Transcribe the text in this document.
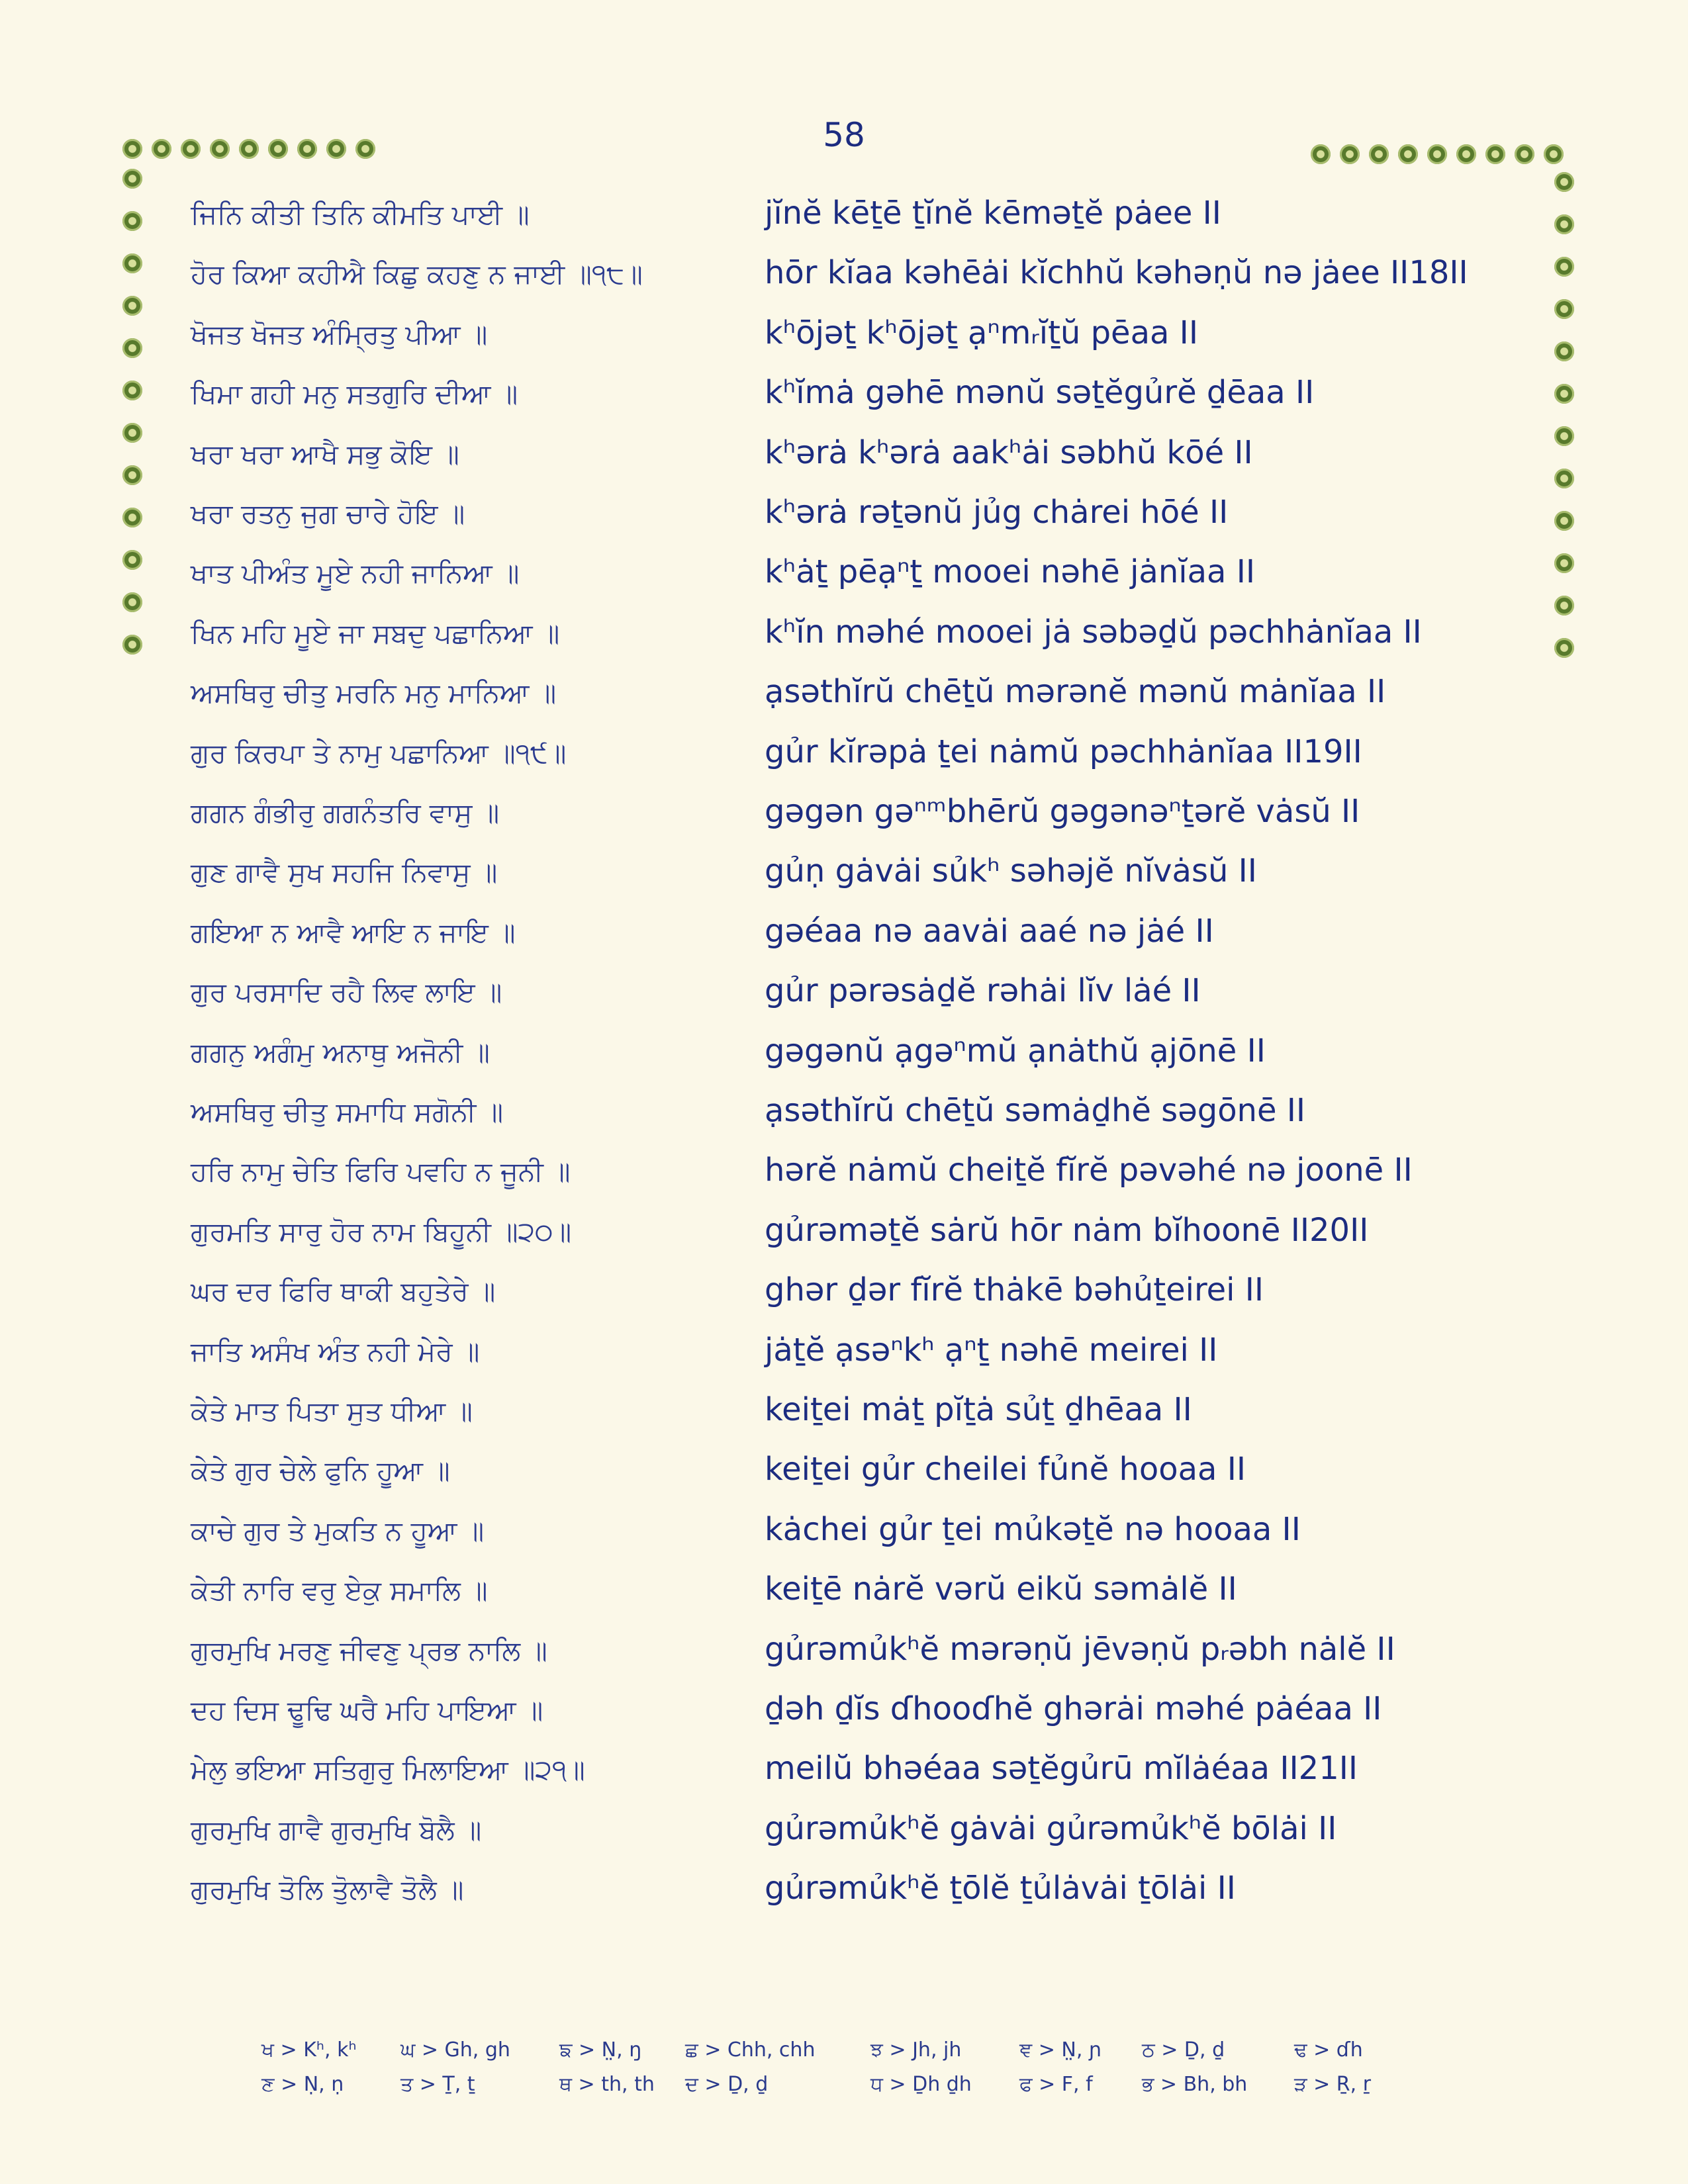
58
ਜਿਨਿ ਕੀਤੀ ਤਿਨਿ ਕੀਮਤਿ ਪਾਈ ॥	jĭnĕ kēṯē ṯĭnĕ kēməṯĕ pȧee II
ਹੋਰ ਕਿਆ ਕਹੀਐ ਕਿਛੁ ਕਹਣੁ ਨ ਜਾਈ ॥੧੮॥	hōr kĭaa kəhēȧi kĭchhŭ kəhəṇŭ nə jȧee II18II
ਖੋਜਤ ਖੋਜਤ ਅੰਮ੍ਰਿਤੁ ਪੀਆ ॥	kʰōjəṯ kʰōjəṯ ạⁿmᵣĭṯŭ pēaa II
ਖਿਮਾ ਗਹੀ ਮਨੁ ਸਤਗੁਰਿ ਦੀਆ ॥	kʰĭmȧ gəhē mənŭ səṯĕgủrĕ ḏēaa II
ਖਰਾ ਖਰਾ ਆਖੈ ਸਭੁ ਕੋਇ ॥	kʰərȧ kʰərȧ aakʰȧi səbhŭ kōé II
ਖਰਾ ਰਤਨੁ ਜੁਗ ਚਾਰੇ ਹੋਇ ॥	kʰərȧ rəṯənŭ jủg chȧrei hōé II
ਖਾਤ ਪੀਅੰਤ ਮੂਏ ਨਹੀ ਜਾਨਿਆ ॥	kʰȧṯ pēạⁿṯ mooei nəhē jȧnĭaa II
ਖਿਨ ਮਹਿ ਮੂਏ ਜਾ ਸਬਦੁ ਪਛਾਨਿਆ ॥	kʰĭn məhé mooei jȧ səbəḏŭ pəchhȧnĭaa II
ਅਸਥਿਰੁ ਚੀਤੁ ਮਰਨਿ ਮਨੁ ਮਾਨਿਆ ॥	ạsəthĭrŭ chēṯŭ mərənĕ mənŭ mȧnĭaa II
ਗੁਰ ਕਿਰਪਾ ਤੇ ਨਾਮੁ ਪਛਾਨਿਆ ॥੧੯॥	gủr kĭrəpȧ ṯei nȧmŭ pəchhȧnĭaa II19II
ਗਗਨ ਗੰਭੀਰੁ ਗਗਨੰਤਰਿ ਵਾਸੁ ॥	gəgən gəⁿᵐbhērŭ gəgənəⁿṯərĕ vȧsŭ II
ਗੁਣ ਗਾਵੈ ਸੁਖ ਸਹਜਿ ਨਿਵਾਸੁ ॥	gủṇ gȧvȧi sủkʰ səhəjĕ nĭvȧsŭ II
ਗਇਆ ਨ ਆਵੈ ਆਇ ਨ ਜਾਇ ॥	gəéaa nə aavȧi aaé nə jȧé II
ਗੁਰ ਪਰਸਾਦਿ ਰਹੈ ਲਿਵ ਲਾਇ ॥	gủr pərəsȧḏĕ rəhȧi lĭv lȧé II
ਗਗਨੁ ਅਗੰਮੁ ਅਨਾਥੁ ਅਜੋਨੀ ॥	gəgənŭ ạgəⁿmŭ ạnȧthŭ ạjōnē II
ਅਸਥਿਰੁ ਚੀਤੁ ਸਮਾਧਿ ਸਗੋਨੀ ॥	ạsəthĭrŭ chēṯŭ səmȧḏhĕ səgōnē II
ਹਰਿ ਨਾਮੁ ਚੇਤਿ ਫਿਰਿ ਪਵਹਿ ਨ ਜੂਨੀ ॥	hərĕ nȧmŭ cheiṯĕ fĭrĕ pəvəhé nə joonē II
ਗੁਰਮਤਿ ਸਾਰੁ ਹੋਰ ਨਾਮ ਬਿਹੂਨੀ ॥੨੦॥	gủrəməṯĕ sȧrŭ hōr nȧm bĭhoonē II20II
ਘਰ ਦਰ ਫਿਰਿ ਥਾਕੀ ਬਹੁਤੇਰੇ ॥	ghər ḏər fĭrĕ thȧkē bəhủṯeirei II
ਜਾਤਿ ਅਸੰਖ ਅੰਤ ਨਹੀ ਮੇਰੇ ॥	jȧṯĕ ạsəⁿkʰ ạⁿṯ nəhē meirei II
ਕੇਤੇ ਮਾਤ ਪਿਤਾ ਸੁਤ ਧੀਆ ॥	keiṯei mȧṯ pĭṯȧ sủṯ ḏhēaa II
ਕੇਤੇ ਗੁਰ ਚੇਲੇ ਫੁਨਿ ਹੂਆ ॥	keiṯei gủr cheilei fủnĕ hooaa II
ਕਾਚੇ ਗੁਰ ਤੇ ਮੁਕਤਿ ਨ ਹੂਆ ॥	kȧchei gủr ṯei mủkəṯĕ nə hooaa II
ਕੇਤੀ ਨਾਰਿ ਵਰੁ ਏਕੁ ਸਮਾਲਿ ॥	keiṯē nȧrĕ vərŭ eikŭ səmȧlĕ II
ਗੁਰਮੁਖਿ ਮਰਣੁ ਜੀਵਣੁ ਪ੍ਰਭ ਨਾਲਿ ॥	gủrəmủkʰĕ mərəṇŭ jēvəṇŭ pᵣəbh nȧlĕ II
ਦਹ ਦਿਸ ਢੂਢਿ ਘਰੈ ਮਹਿ ਪਾਇਆ ॥	ḏəh ḏĭs ɗhooɗhĕ ghərȧi məhé pȧéaa II
ਮੇਲੁ ਭਇਆ ਸਤਿਗੁਰੁ ਮਿਲਾਇਆ ॥੨੧॥	meilŭ bhəéaa səṯĕgủrū mĭlȧéaa II21II
ਗੁਰਮੁਖਿ ਗਾਵੈ ਗੁਰਮੁਖਿ ਬੋਲੈ ॥	gủrəmủkʰĕ gȧvȧi gủrəmủkʰĕ bōlȧi II
ਗੁਰਮੁਖਿ ਤੋਲਿ ਤੁੋਲਾਵੈ ਤੋਲੈ ॥	gủrəmủkʰĕ ṯōlĕ ṯủlȧvȧi ṯōlȧi II
ਖ > Kʰ, kʰ ਘ > Gh, gh ਙ > N̤, ŋ ਛ > Chh, chh	ਝ > Jh, jh	ਞ > N̤, ɲ ਠ > Ḏ, ḏ	ਢ > ɗh
ਣ > Ṇ, ṇ	ਤ > Ṯ, ṯ	ਥ > th, th ਦ > Ḏ, ḏ	ਧ > Ḏh ḏh ਫ > F, f ਭ > Bh, bh ੜ > Ṟ, ṟ
